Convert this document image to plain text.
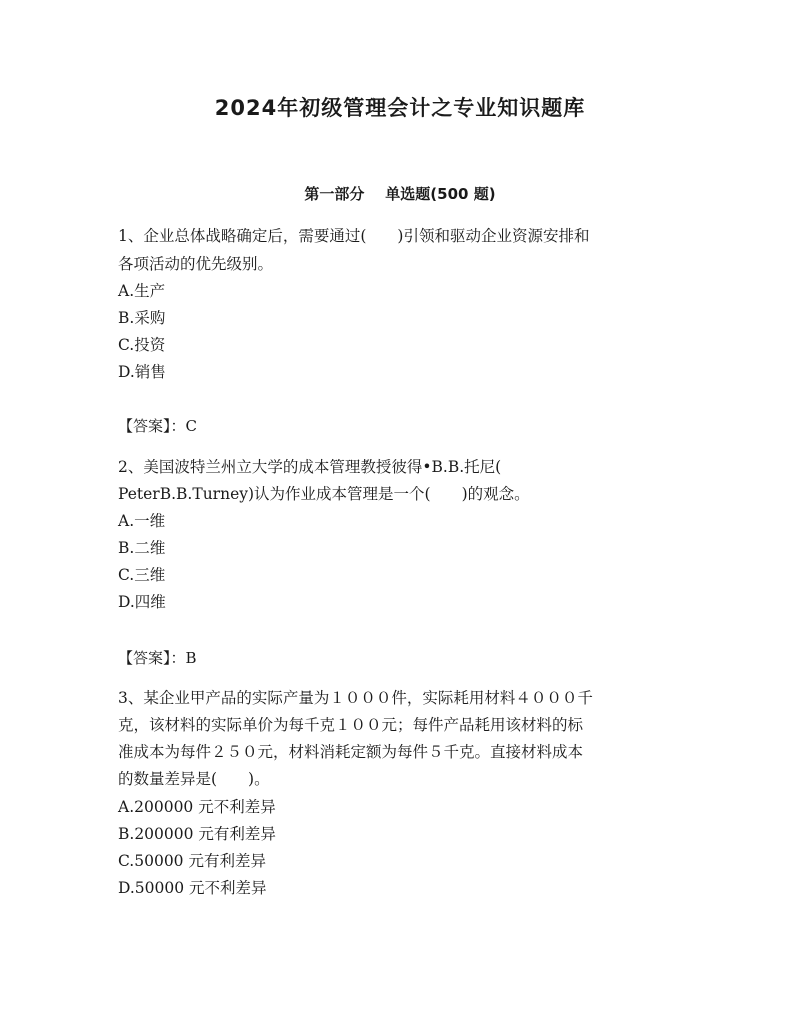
2024年初级管理会计之专业知识题库
第一部分    单选题(500 题)
1、企业总体战略确定后，需要通过(　　)引领和驱动企业资源安排和
各项活动的优先级别。
A.生产
B.采购
C.投资
D.销售
【答案】：C
2、美国波特兰州立大学的成本管理教授彼得•B.B.托尼(
PeterB.B.Turney)认为作业成本管理是一个(　　)的观念。
A.一维
B.二维
C.三维
D.四维
【答案】：B
3、某企业甲产品的实际产量为１０００件，实际耗用材料４０００千
克，该材料的实际单价为每千克１００元；每件产品耗用该材料的标
准成本为每件２５０元，材料消耗定额为每件５千克。直接材料成本
的数量差异是(　　)。
A.200000 元不利差异
B.200000 元有利差异
C.50000 元有利差异
D.50000 元不利差异
